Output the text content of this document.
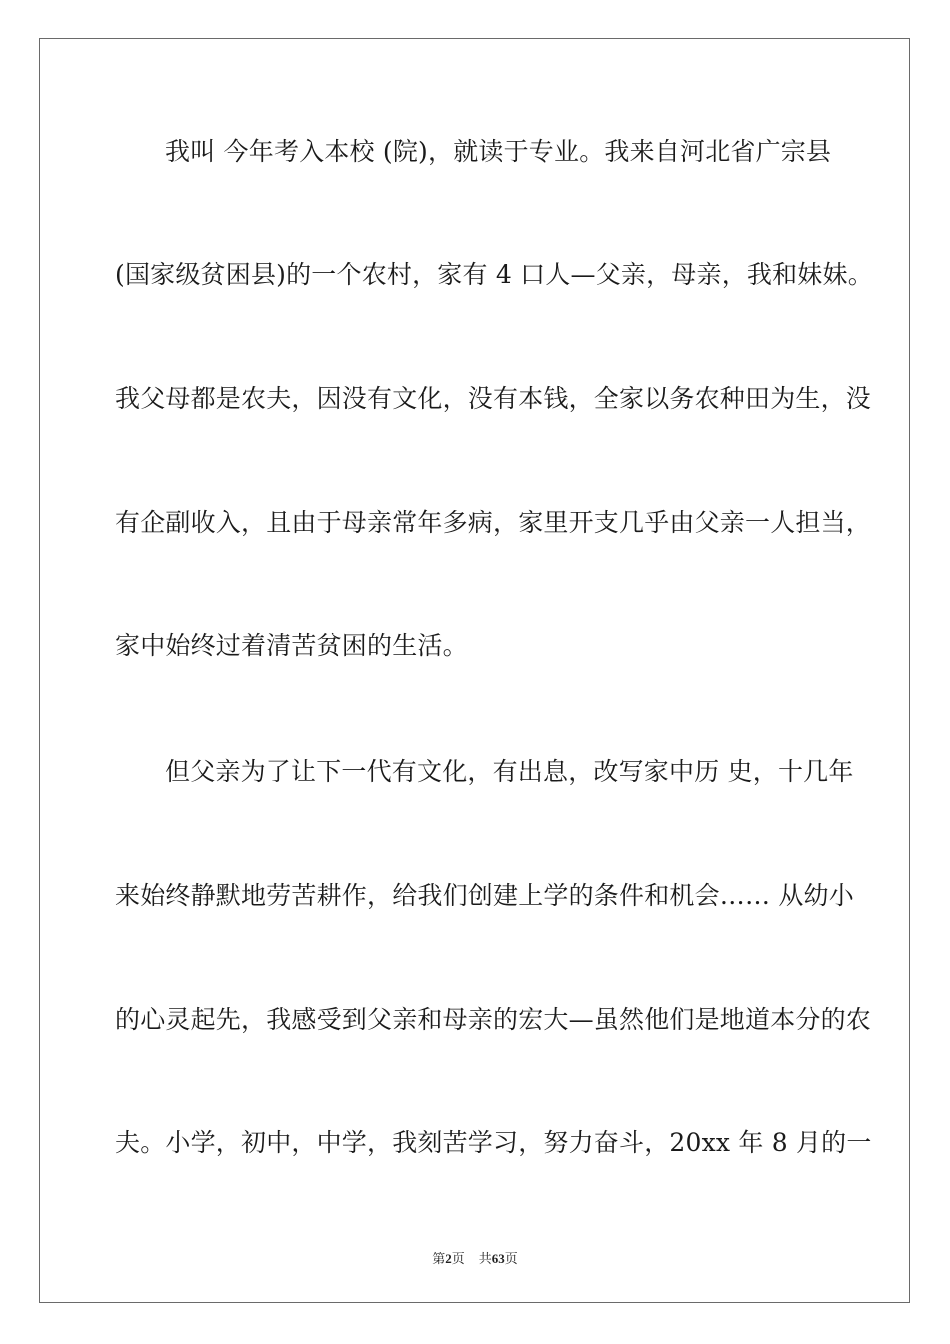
我叫 今年考入本校 (院)，就读于专业。我来自河北省广宗县

(国家级贫困县)的一个农村，家有 4 口人—父亲，母亲，我和妹妹。

我父母都是农夫，因没有文化，没有本钱，全家以务农种田为生，没

有企副收入，且由于母亲常年多病，家里开支几乎由父亲一人担当，

家中始终过着清苦贫困的生活。

但父亲为了让下一代有文化，有出息，改写家中历 史，十几年

来始终静默地劳苦耕作，给我们创建上学的条件和机会…… 从幼小

的心灵起先，我感受到父亲和母亲的宏大—虽然他们是地道本分的农

夫。小学，初中，中学，我刻苦学习，努力奋斗，20xx 年 8 月的一

第2页 共63页
